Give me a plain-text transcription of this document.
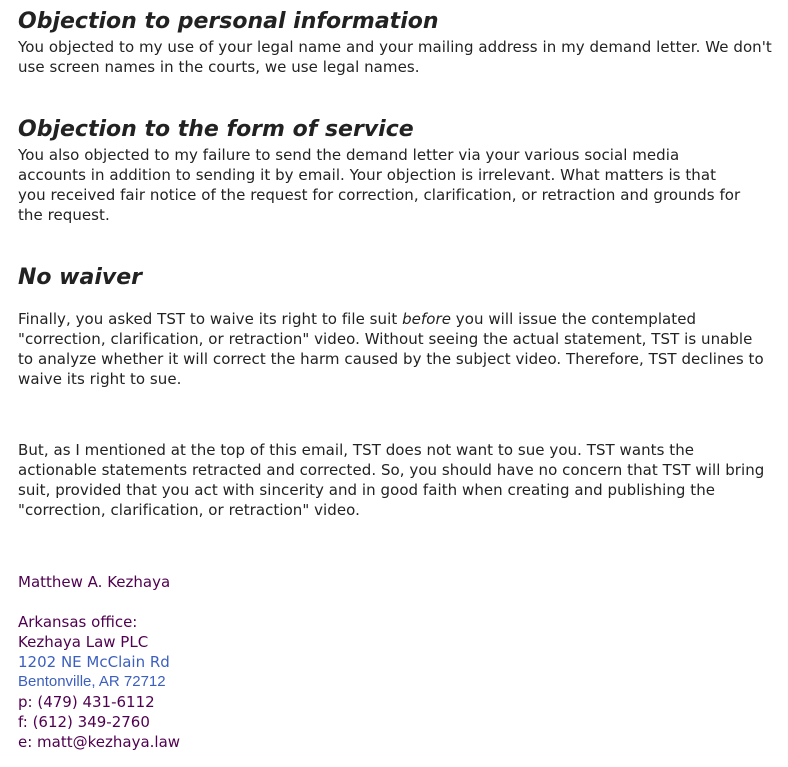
Objection to personal information

You objected to my use of your legal name and your mailing address in my demand letter. We don't use screen names in the courts, we use legal names.

Objection to the form of service

You also objected to my failure to send the demand letter via your various social media accounts in addition to sending it by email. Your objection is irrelevant. What matters is that you received fair notice of the request for correction, clarification, or retraction and grounds for the request.

No waiver

Finally, you asked TST to waive its right to file suit before you will issue the contemplated "correction, clarification, or retraction" video. Without seeing the actual statement, TST is unable to analyze whether it will correct the harm caused by the subject video. Therefore, TST declines to waive its right to sue.

But, as I mentioned at the top of this email, TST does not want to sue you. TST wants the actionable statements retracted and corrected. So, you should have no concern that TST will bring suit, provided that you act with sincerity and in good faith when creating and publishing the "correction, clarification, or retraction" video.

Matthew A. Kezhaya

Arkansas office:

Kezhaya Law PLC

1202 NE McClain Rd

Bentonville, AR 72712

p: (479) 431-6112

f: (612) 349-2760

e: matt@kezhaya.law
